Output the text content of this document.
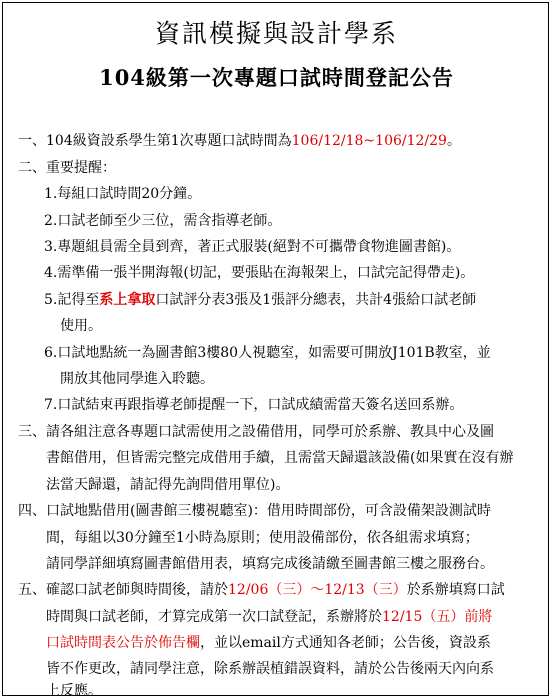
資訊模擬與設計學系
104級第一次專題口試時間登記公告
一、104級資設系學生第1次專題口試時間為106/12/18~106/12/29。
二、重要提醒：
1.每組口試時間20分鐘。
2.口試老師至少三位，需含指導老師。
3.專題組員需全員到齊，著正式服裝(絕對不可攜帶食物進圖書館)。
4.需準備一張半開海報(切記，要張貼在海報架上，口試完記得帶走)。
5.記得至系上拿取口試評分表3張及1張評分總表，共計4張給口試老師
使用。
6.口試地點統一為圖書館3樓80人視聽室，如需要可開放J101B教室，並
開放其他同學進入聆聽。
7.口試結束再跟指導老師提醒一下，口試成績需當天簽名送回系辦。
三、請各組注意各專題口試需使用之設備借用，同學可於系辦、教具中心及圖
書館借用，但皆需完整完成借用手續，且需當天歸還該設備(如果實在沒有辦
法當天歸還，請記得先詢問借用單位)。
四、口試地點借用(圖書館三樓視聽室)：借用時間部份，可含設備架設測試時
間，每組以30分鐘至1小時為原則；使用設備部份，依各組需求填寫；
請同學詳細填寫圖書館借用表，填寫完成後請繳至圖書館三樓之服務台。
五、確認口試老師與時間後，請於12/06（三）～12/13（三）於系辦填寫口試
時間與口試老師，才算完成第一次口試登記，系辦將於12/15（五）前將
口試時間表公告於佈告欄，並以email方式通知各老師；公告後，資設系
皆不作更改，請同學注意，除系辦誤植錯誤資料，請於公告後兩天內向系
上反應。
